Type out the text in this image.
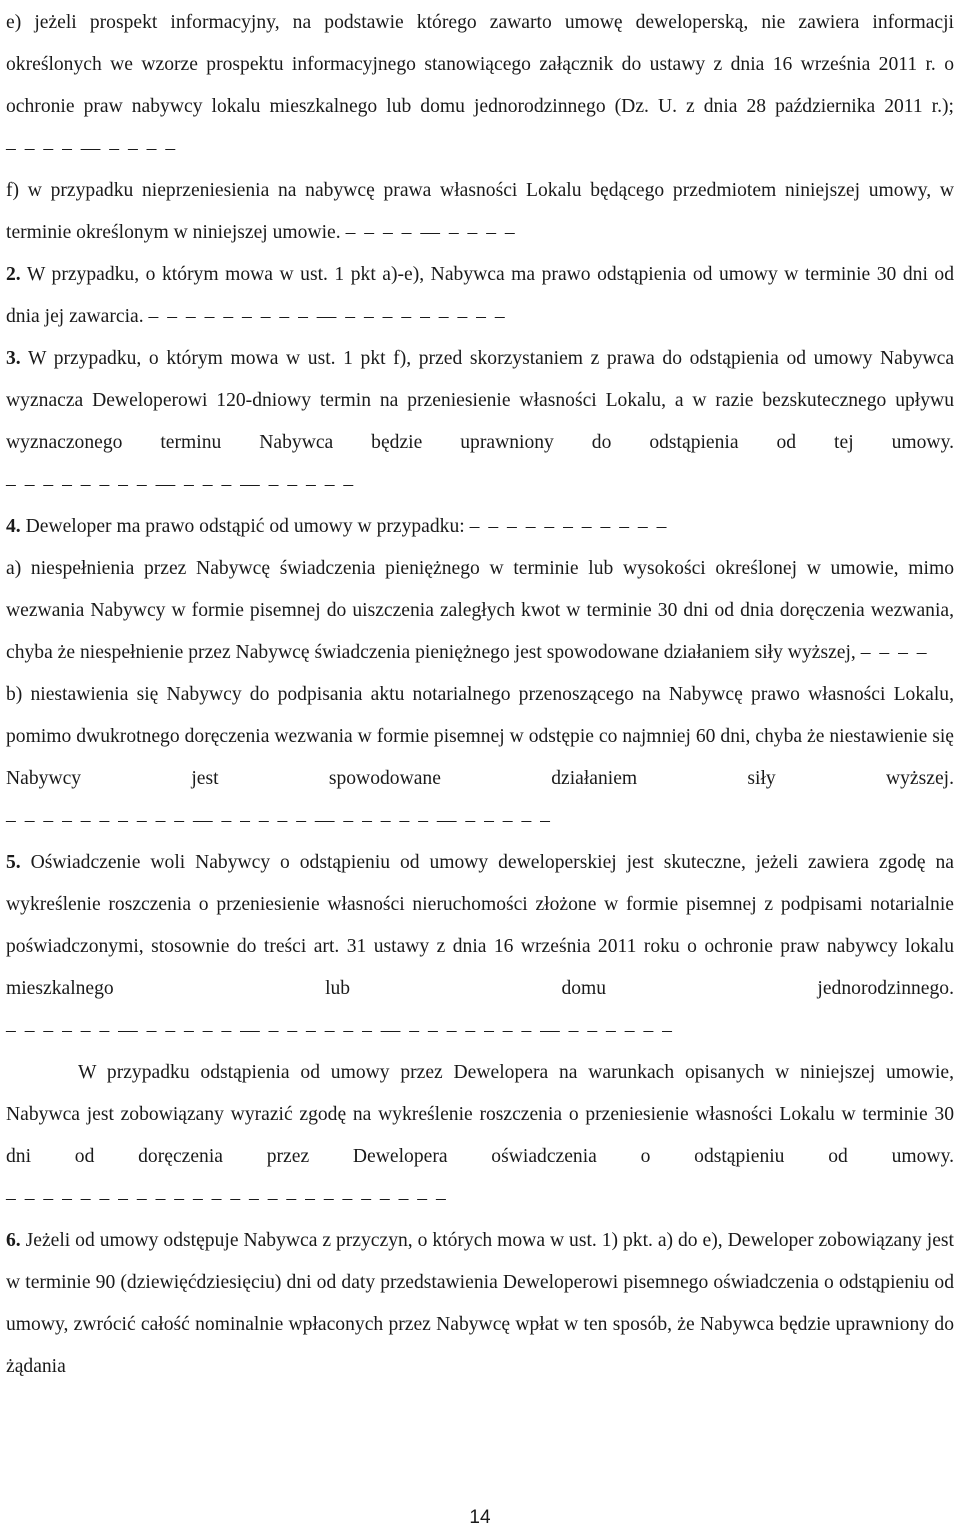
e) jeżeli prospekt informacyjny, na podstawie którego zawarto umowę deweloperską, nie zawiera informacji określonych we wzorze prospektu informacyjnego stanowiącego załącznik do ustawy z dnia 16 września 2011 r. o ochronie praw nabywcy lokalu mieszkalnego lub domu jednorodzinnego (Dz. U. z dnia 28 października 2011 r.); – – – – — – – – –

f) w przypadku nieprzeniesienia na nabywcę prawa własności Lokalu będącego przedmiotem niniejszej umowy, w terminie określonym w niniejszej umowie. – – – – — – – – –

2. W przypadku, o którym mowa w ust. 1 pkt a)-e), Nabywca ma prawo odstąpienia od umowy w terminie 30 dni od dnia jej zawarcia. – – – – – – – – – — – – – – – – – – –

3. W przypadku, o którym mowa w ust. 1 pkt f), przed skorzystaniem z prawa do odstąpienia od umowy Nabywca wyznacza Deweloperowi 120-dniowy termin na przeniesienie własności Lokalu, a w razie bezskutecznego upływu wyznaczonego terminu Nabywca będzie uprawniony do odstąpienia od tej umowy. – – – – – – – – — – – – — – – – – –

4. Deweloper ma prawo odstąpić od umowy w przypadku: – – – – – – – – – – –

a) niespełnienia przez Nabywcę świadczenia pieniężnego w terminie lub wysokości określonej w umowie, mimo wezwania Nabywcy w formie pisemnej do uiszczenia zaległych kwot w terminie 30 dni od dnia doręczenia wezwania, chyba że niespełnienie przez Nabywcę świadczenia pieniężnego jest spowodowane działaniem siły wyższej, – – – –

b) niestawienia się Nabywcy do podpisania aktu notarialnego przenoszącego na Nabywcę prawo własności Lokalu, pomimo dwukrotnego doręczenia wezwania w formie pisemnej w odstępie co najmniej 60 dni, chyba że niestawienie się Nabywcy jest spowodowane działaniem siły wyższej. – – – – – – – – – – — – – – – – — – – – – – — – – – – –

5. Oświadczenie woli Nabywcy o odstąpieniu od umowy deweloperskiej jest skuteczne, jeżeli zawiera zgodę na wykreślenie roszczenia o przeniesienie własności nieruchomości złożone w formie pisemnej z podpisami notarialnie poświadczonymi, stosownie do treści art. 31 ustawy z dnia 16 września 2011 roku o ochronie praw nabywcy lokalu mieszkalnego lub domu jednorodzinnego. – – – – – – — – – – – – — – – – – – – — – – – – – – – — – – – – – –

W przypadku odstąpienia od umowy przez Dewelopera na warunkach opisanych w niniejszej umowie, Nabywca jest zobowiązany wyrazić zgodę na wykreślenie roszczenia o przeniesienie własności Lokalu w terminie 30 dni od doręczenia przez Dewelopera oświadczenia o odstąpieniu od umowy. – – – – – – – – – – – – – – – – – – – – – – – –

6. Jeżeli od umowy odstępuje Nabywca z przyczyn, o których mowa w ust. 1) pkt. a) do e), Deweloper zobowiązany jest w terminie 90 (dziewięćdziesięciu) dni od daty przedstawienia Deweloperowi pisemnego oświadczenia o odstąpieniu od umowy, zwrócić całość nominalnie wpłaconych przez Nabywcę wpłat w ten sposób, że Nabywca będzie uprawniony do żądania

14
